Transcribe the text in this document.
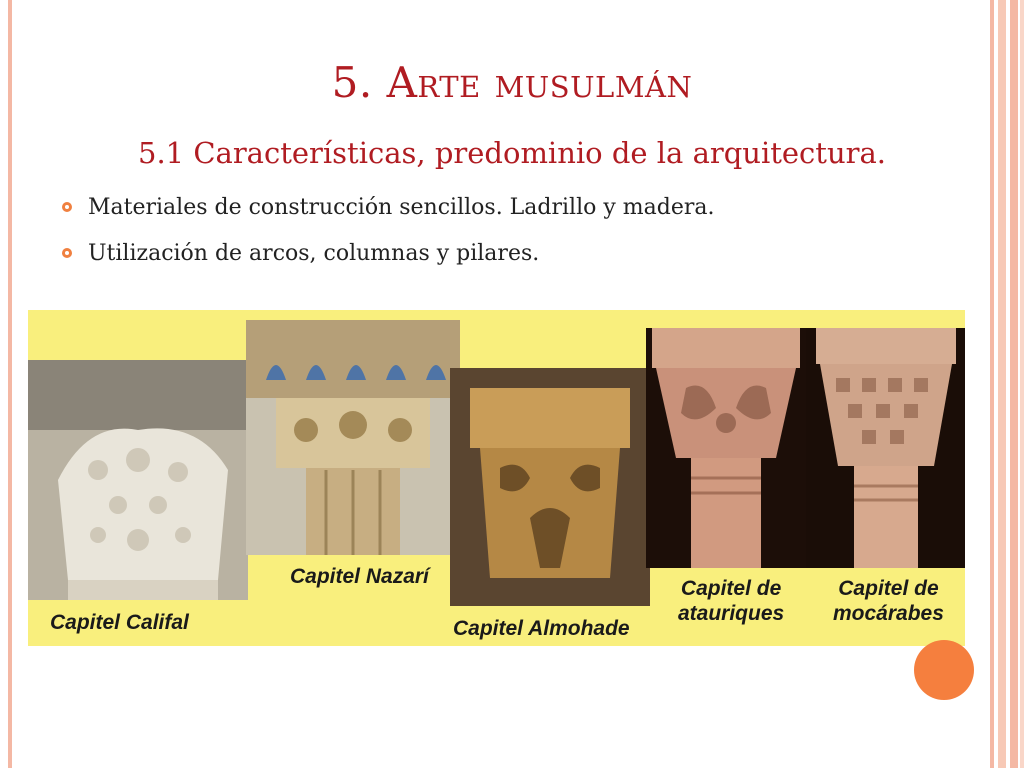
5. Arte musulmán
5.1 Características, predominio de la arquitectura.
Materiales de construcción sencillos. Ladrillo y madera.
Utilización de arcos, columnas y pilares.
Capitel Califal
Capitel Nazarí
Capitel Almohade
Capitel de
atauriques
Capitel de
mocárabes
